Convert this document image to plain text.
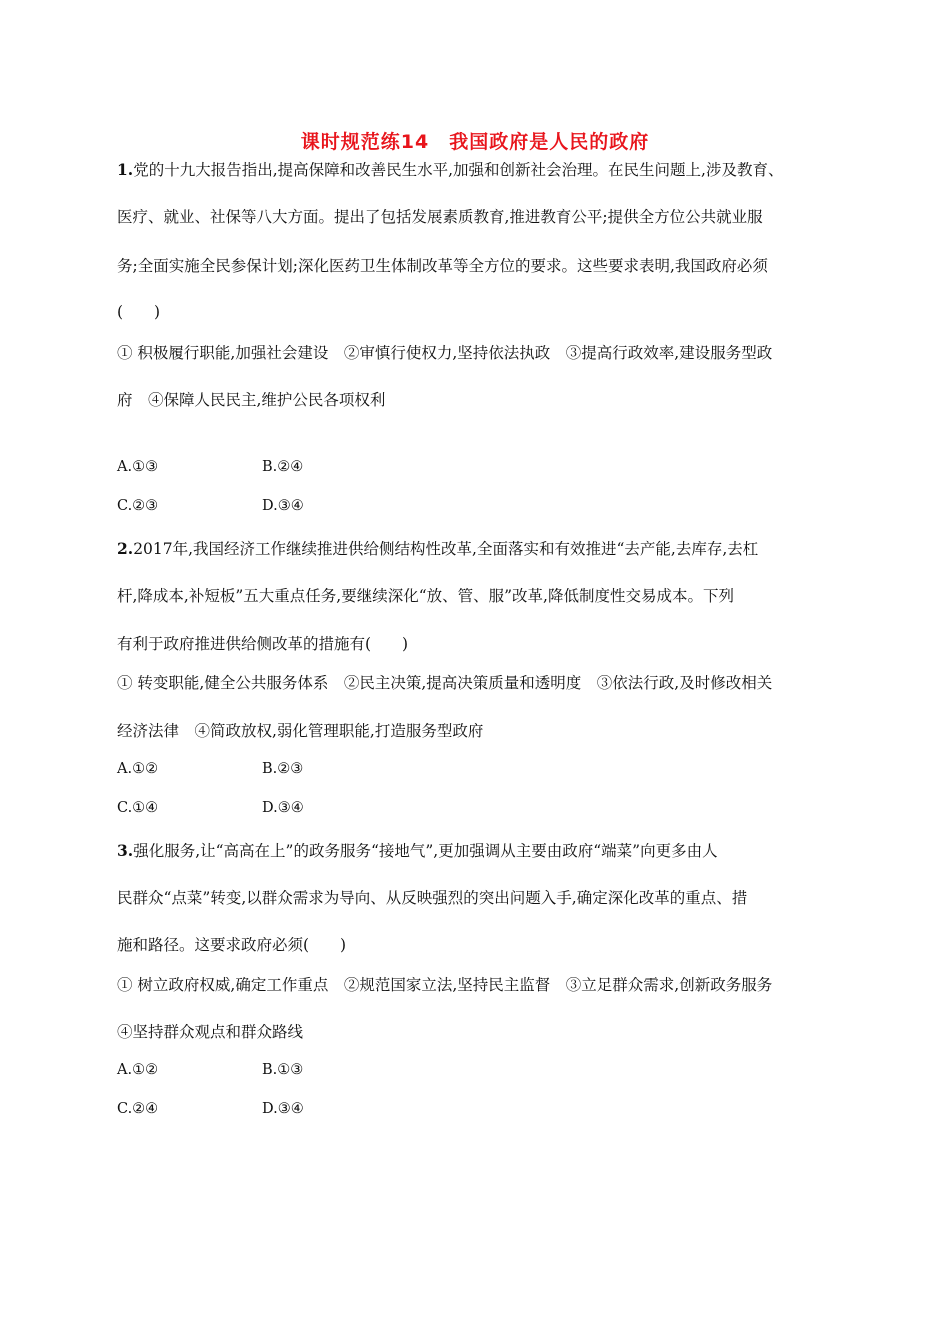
课时规范练14　我国政府是人民的政府
1.党的十九大报告指出,提高保障和改善民生水平,加强和创新社会治理。在民生问题上,涉及教育、
医疗、就业、社保等八大方面。提出了包括发展素质教育,推进教育公平;提供全方位公共就业服
务;全面实施全民参保计划;深化医药卫生体制改革等全方位的要求。这些要求表明,我国政府必须
(　　)
① 积极履行职能,加强社会建设　②审慎行使权力,坚持依法执政　③提高行政效率,建设服务型政
府　④保障人民民主,维护公民各项权利
A.①③	B.②④
C.②③	D.③④
2.2017年,我国经济工作继续推进供给侧结构性改革,全面落实和有效推进“去产能,去库存,去杠
杆,降成本,补短板”五大重点任务,要继续深化“放、管、服”改革,降低制度性交易成本。下列
有利于政府推进供给侧改革的措施有(　　)
① 转变职能,健全公共服务体系　②民主决策,提高决策质量和透明度　③依法行政,及时修改相关
经济法律　④简政放权,弱化管理职能,打造服务型政府
A.①②	B.②③
C.①④	D.③④
3.强化服务,让“高高在上”的政务服务“接地气”,更加强调从主要由政府“端菜”向更多由人
民群众“点菜”转变,以群众需求为导向、从反映强烈的突出问题入手,确定深化改革的重点、措
施和路径。这要求政府必须(　　)
① 树立政府权威,确定工作重点　②规范国家立法,坚持民主监督　③立足群众需求,创新政务服务
④坚持群众观点和群众路线
A.①②	B.①③
C.②④	D.③④
